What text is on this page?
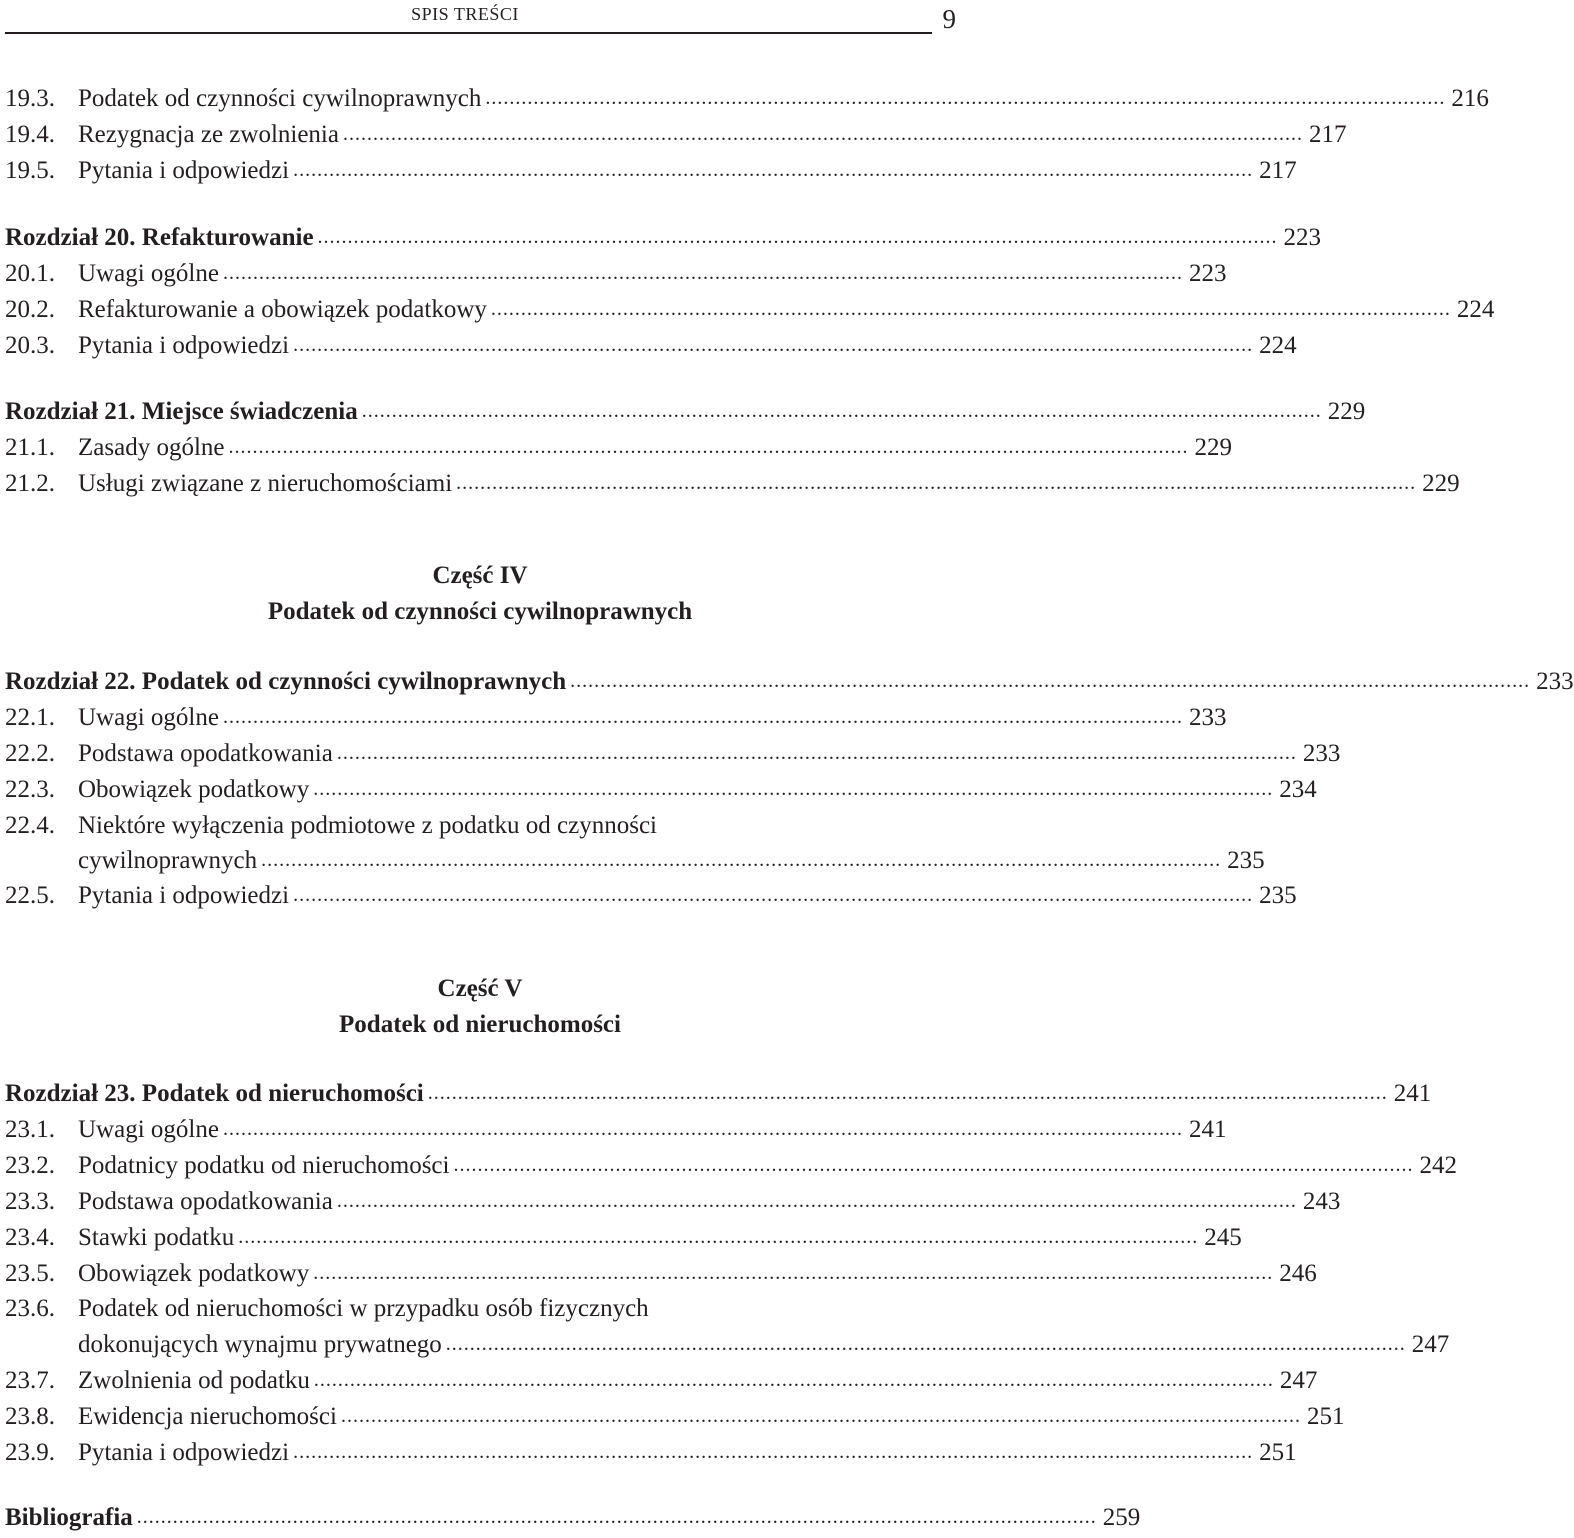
SPIS TREŚCI	9
19.3. Podatek od czynności cywilnoprawnych ................................................................................................................................................................ 216
19.4. Rezygnacja ze zwolnienia ................................................................................................................................................................ 217
19.5. Pytania i odpowiedzi ................................................................................................................................................................ 217
Rozdział 20. Refakturowanie ................................................................................................................................................................ 223
20.1. Uwagi ogólne ................................................................................................................................................................ 223
20.2. Refakturowanie a obowiązek podatkowy ................................................................................................................................................................ 224
20.3. Pytania i odpowiedzi ................................................................................................................................................................ 224
Rozdział 21. Miejsce świadczenia ................................................................................................................................................................ 229
21.1. Zasady ogólne ................................................................................................................................................................ 229
21.2. Usługi związane z nieruchomościami ................................................................................................................................................................ 229
Część IV
Podatek od czynności cywilnoprawnych
Rozdział 22. Podatek od czynności cywilnoprawnych ................................................................................................................................................................ 233
22.1. Uwagi ogólne ................................................................................................................................................................ 233
22.2. Podstawa opodatkowania ................................................................................................................................................................ 233
22.3. Obowiązek podatkowy ................................................................................................................................................................ 234
22.4. Niektóre wyłączenia podmiotowe z podatku od czynności
cywilnoprawnych ................................................................................................................................................................ 235
22.5. Pytania i odpowiedzi ................................................................................................................................................................ 235
Część V
Podatek od nieruchomości
Rozdział 23. Podatek od nieruchomości ................................................................................................................................................................ 241
23.1. Uwagi ogólne ................................................................................................................................................................ 241
23.2. Podatnicy podatku od nieruchomości ................................................................................................................................................................ 242
23.3. Podstawa opodatkowania ................................................................................................................................................................ 243
23.4. Stawki podatku ................................................................................................................................................................ 245
23.5. Obowiązek podatkowy ................................................................................................................................................................ 246
23.6. Podatek od nieruchomości w przypadku osób fizycznych
dokonujących wynajmu prywatnego ................................................................................................................................................................ 247
23.7. Zwolnienia od podatku ................................................................................................................................................................ 247
23.8. Ewidencja nieruchomości ................................................................................................................................................................ 251
23.9. Pytania i odpowiedzi ................................................................................................................................................................ 251
Bibliografia ................................................................................................................................................................ 259
